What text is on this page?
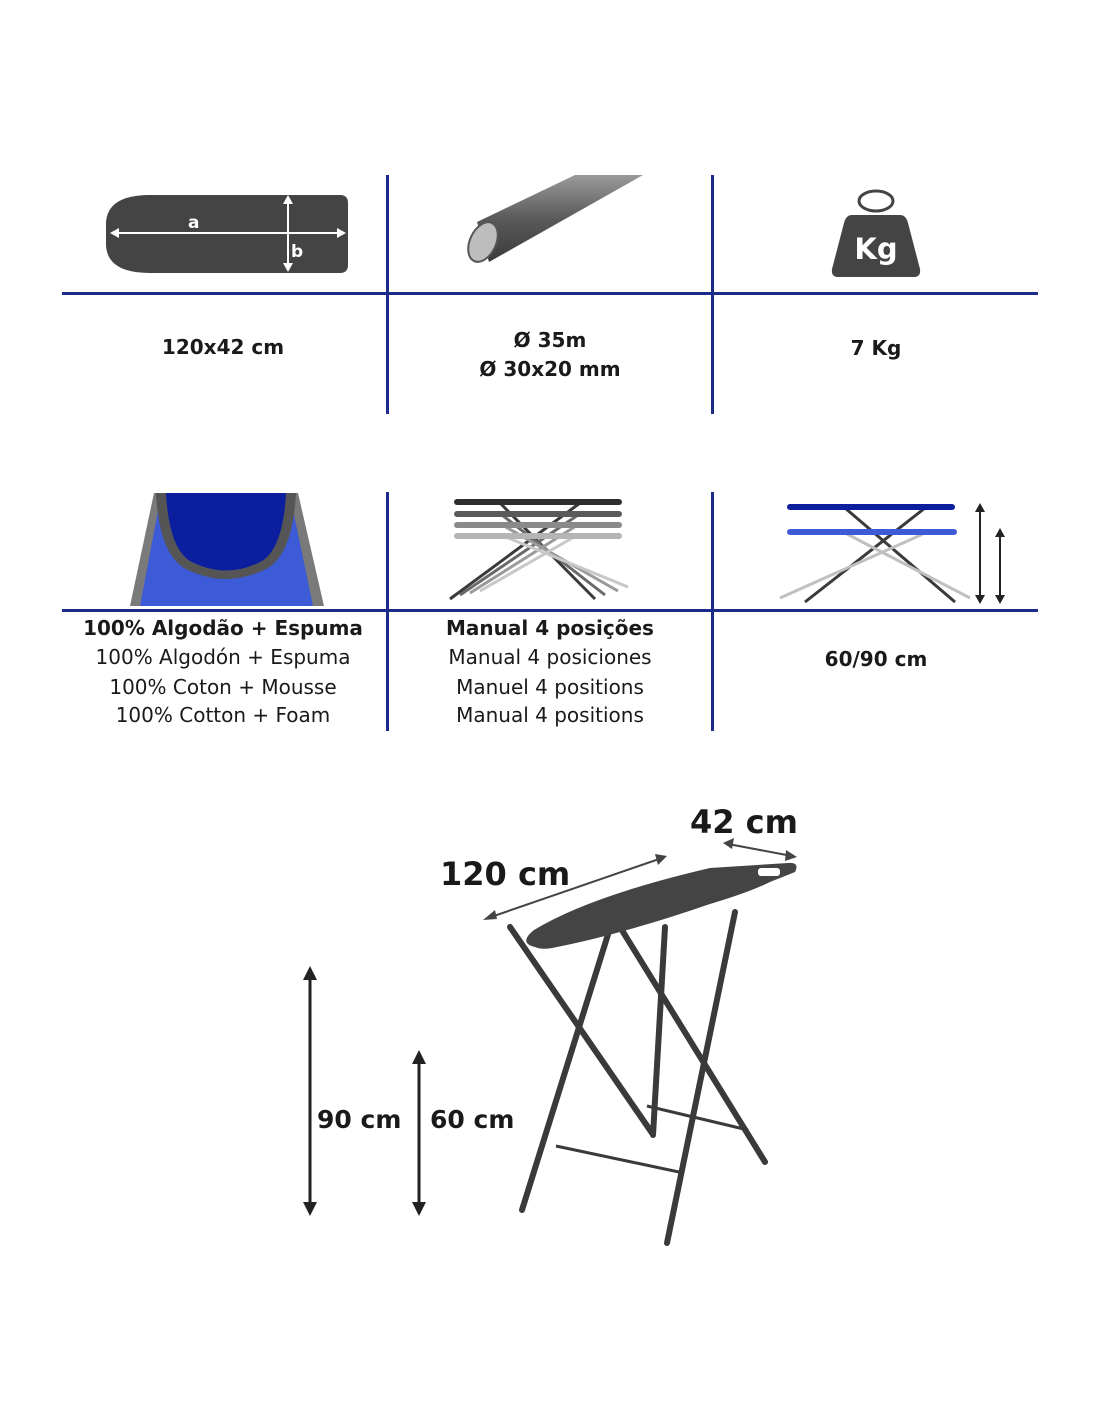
a
b
120x42 cm	Ø 35m
Ø 30x20 mm
Kg
7 Kg
100% Algodão + Espuma
100% Algodón + Espuma
100% Coton + Mousse
100% Cotton + Foam
Manual 4 posições
Manual 4 posiciones
Manuel 4 positions
Manual 4 positions
60/90 cm
120 cm
42 cm
90 cm 60 cm
